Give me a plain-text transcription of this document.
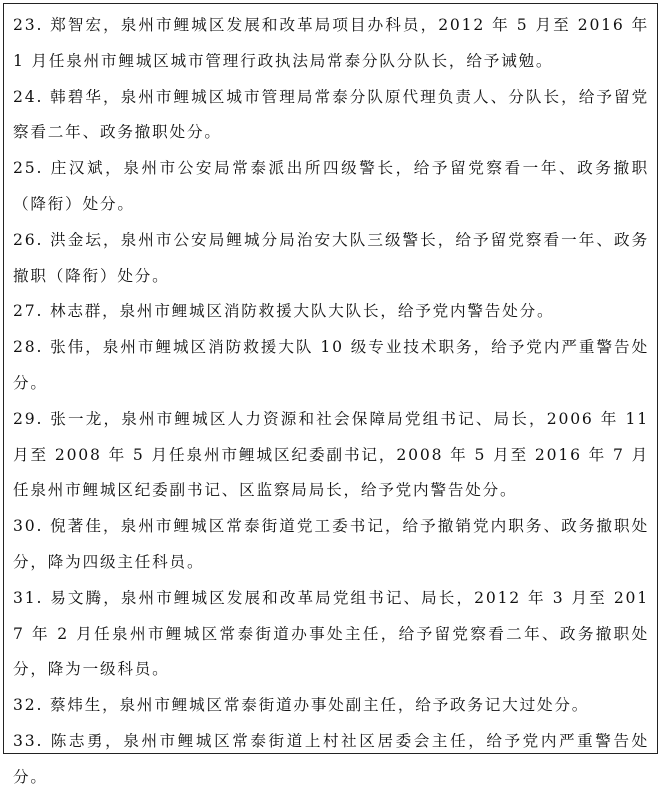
23. 郑智宏，泉州市鲤城区发展和改革局项目办科员，2012 年 5 月至 2016 年 1 月任泉州市鲤城区城市管理行政执法局常泰分队分队长，给予诫勉。

24. 韩碧华，泉州市鲤城区城市管理局常泰分队原代理负责人、分队长，给予留党察看二年、政务撤职处分。

25. 庄汉斌，泉州市公安局常泰派出所四级警长，给予留党察看一年、政务撤职（降衔）处分。

26. 洪金坛，泉州市公安局鲤城分局治安大队三级警长，给予留党察看一年、政务撤职（降衔）处分。

27. 林志群，泉州市鲤城区消防救援大队大队长，给予党内警告处分。

28. 张伟，泉州市鲤城区消防救援大队 10 级专业技术职务，给予党内严重警告处分。

29. 张一龙，泉州市鲤城区人力资源和社会保障局党组书记、局长，2006 年 11 月至 2008 年 5 月任泉州市鲤城区纪委副书记，2008 年 5 月至 2016 年 7 月任泉州市鲤城区纪委副书记、区监察局局长，给予党内警告处分。

30. 倪著佳，泉州市鲤城区常泰街道党工委书记，给予撤销党内职务、政务撤职处分，降为四级主任科员。

31. 易文腾，泉州市鲤城区发展和改革局党组书记、局长，2012 年 3 月至 2017 年 2 月任泉州市鲤城区常泰街道办事处主任，给予留党察看二年、政务撤职处分，降为一级科员。

32. 蔡炜生，泉州市鲤城区常泰街道办事处副主任，给予政务记大过处分。

33. 陈志勇，泉州市鲤城区常泰街道上村社区居委会主任，给予党内严重警告处分。
